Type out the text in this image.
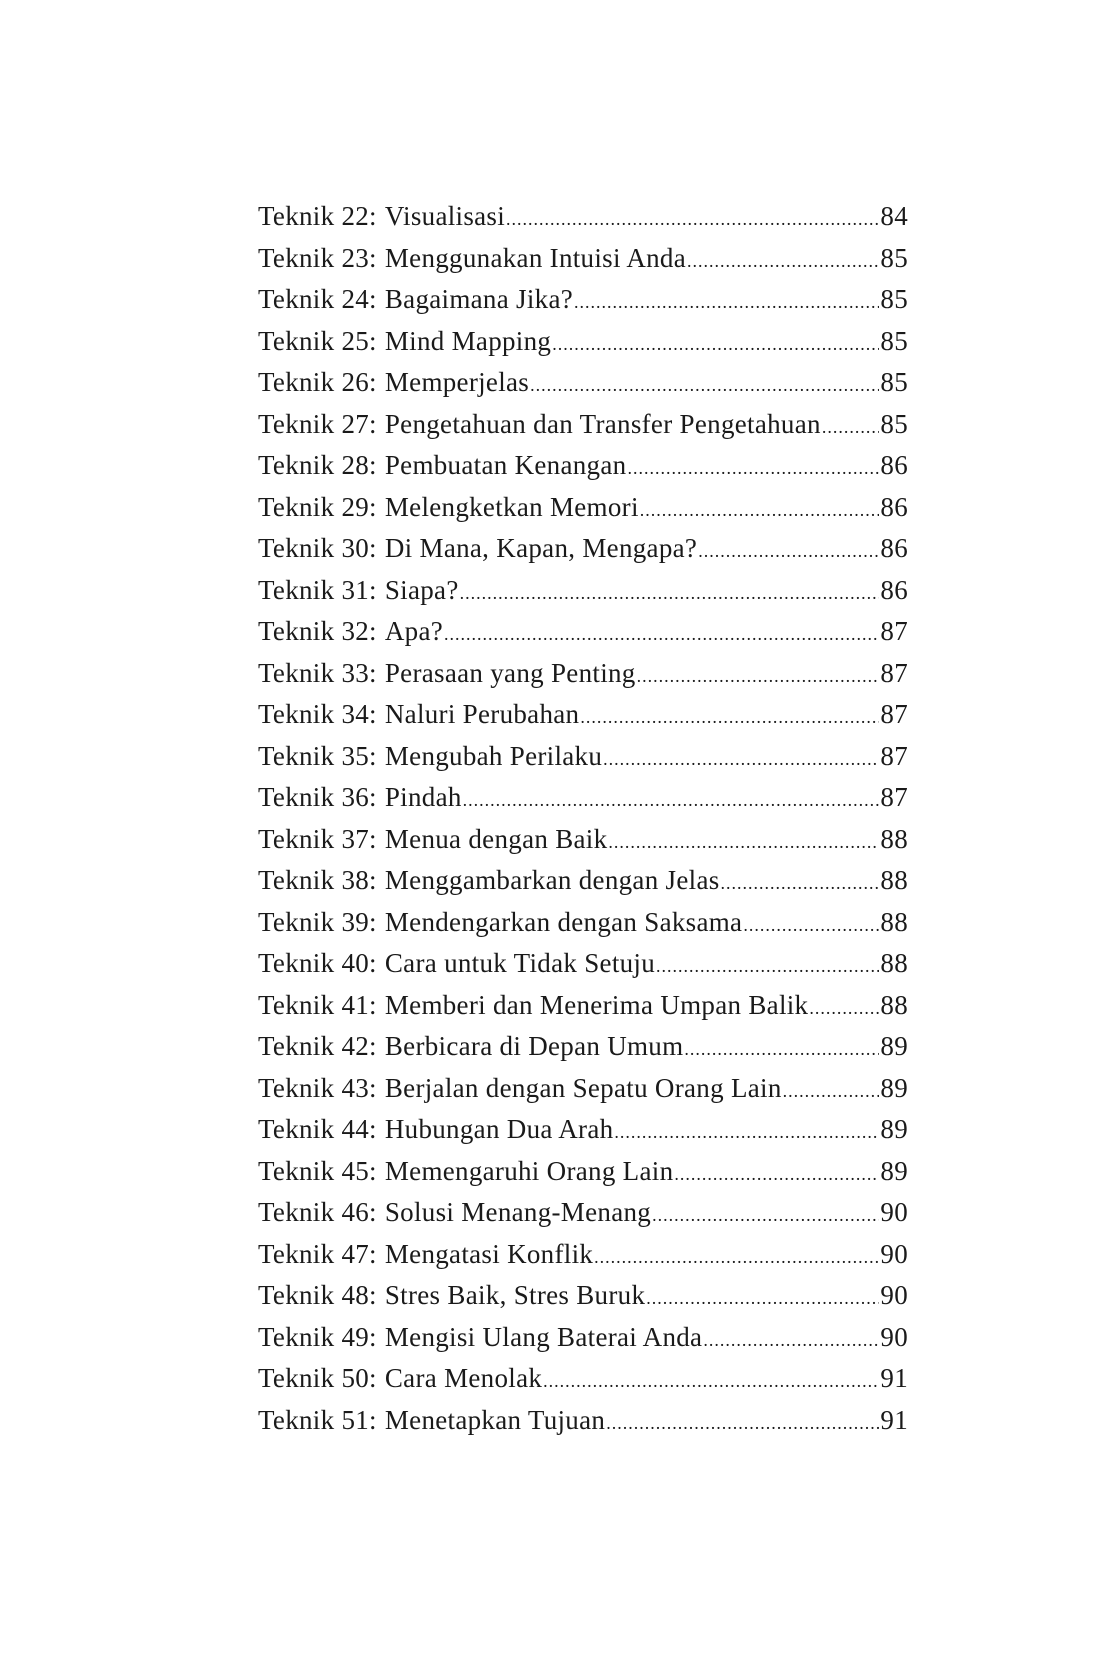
Teknik 22: Visualisasi .....	84
Teknik 23: Menggunakan Intuisi Anda .....	85
Teknik 24: Bagaimana Jika? .....	85
Teknik 25: Mind Mapping .....	85
Teknik 26: Memperjelas .....	85
Teknik 27: Pengetahuan dan Transfer Pengetahuan ..... 85
Teknik 28: Pembuatan Kenangan .....	86
Teknik 29: Melengketkan Memori .....	86
Teknik 30: Di Mana, Kapan, Mengapa? .....	86
Teknik 31: Siapa? .....	86
Teknik 32: Apa? .....	87
Teknik 33: Perasaan yang Penting .....	87
Teknik 34: Naluri Perubahan .....	87
Teknik 35: Mengubah Perilaku .....	87
Teknik 36: Pindah .....	87
Teknik 37: Menua dengan Baik .....	88
Teknik 38: Menggambarkan dengan Jelas .....	88
Teknik 39: Mendengarkan dengan Saksama .....	88
Teknik 40: Cara untuk Tidak Setuju .....	88
Teknik 41: Memberi dan Menerima Umpan Balik .....	88
Teknik 42: Berbicara di Depan Umum .....	89
Teknik 43: Berjalan dengan Sepatu Orang Lain .....	89
Teknik 44: Hubungan Dua Arah .....	89
Teknik 45: Memengaruhi Orang Lain .....	89
Teknik 46: Solusi Menang-Menang .....	90
Teknik 47: Mengatasi Konflik .....	90
Teknik 48: Stres Baik, Stres Buruk .....	90
Teknik 49: Mengisi Ulang Baterai Anda .....	90
Teknik 50: Cara Menolak .....	91
Teknik 51: Menetapkan Tujuan .....	91
